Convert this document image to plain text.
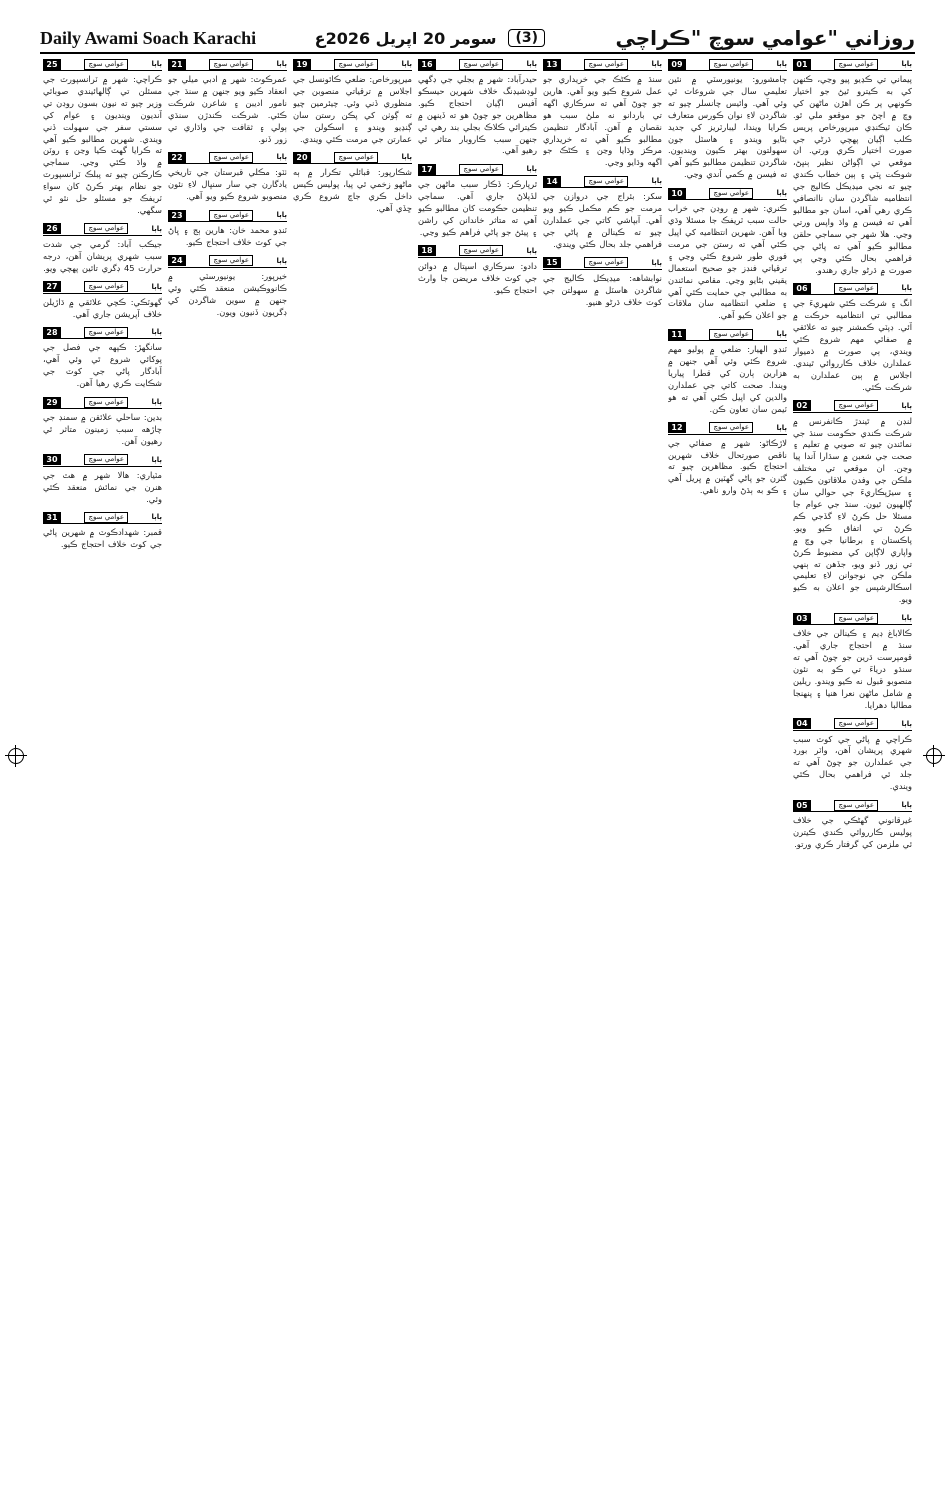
Daily Awami Soach Karachi	سومر 20 اپريل 2026ع	(3)	روزاني "عوامي سوچ "ڪراچي
ٻاٻا
عوامي سوچ
01
پيماني تي ڪڍيو پيو وڃي، ڪنهن کي به ڪيترو ٿيڻ جو اختيار ڪونهي پر ڪن اهڙن ماڻهن کي وچ ۾ اچڻ جو موقعو ملي ٿو. ڪان ٽيڪنڊي ميرپورخاص پريس ڪلب اڳيان پهچي ڌرڻي جي صورت اختيار ڪري ورتي. ان موقعي تي اڳواڻن نظير ٻنڀڻ، شوڪت ڀٽي ۽ ٻين خطاب ڪندي چيو ته نجي ميڊيڪل ڪاليج جي انتظاميه شاگردن سان ناانصافي ڪري رهي آهي، اسان جو مطالبو آهي ته فيسن ۾ واڌ واپس ورتي وڃي. هلا شهر جي سماجي حلقن مطالبو ڪيو آهي ته پاڻي جي فراهمي بحال ڪئي وڃي ٻي صورت ۾ ڌرڻو جاري رهندو.
ٻاٻا
عوامي سوچ
06
انگ ۽ شرڪت ڪئي شهريءَ جي مطالبي تي انتظاميه حرڪت ۾ آئي. ڊپٽي ڪمشنر چيو ته علائقي ۾ صفائي مهم شروع ڪئي ويندي، ٻي صورت ۾ ذميوار عملدارن خلاف ڪارروائي ٿيندي. اجلاس ۾ ٻين عملدارن به شرڪت ڪئي.
ٻاٻا
عوامي سوچ
02
لنڊن ۾ ٿيندڙ ڪانفرنس ۾ شرڪت ڪندي حڪومت سنڌ جي نمائندن چيو ته صوبي ۾ تعليم ۽ صحت جي شعبن ۾ سڌارا آندا پيا وڃن. ان موقعي تي مختلف ملڪن جي وفدن ملاقاتون ڪيون ۽ سيڙپڪاريءَ جي حوالي سان ڳالهيون ٿيون. سنڌ جي عوام جا مسئلا حل ڪرڻ لاءِ گڏجي ڪم ڪرڻ تي اتفاق ڪيو ويو. پاڪستان ۽ برطانيا جي وچ ۾ واپاري لاڳاپن کي مضبوط ڪرڻ تي زور ڏنو ويو، جڏهن ته ٻنهي ملڪن جي نوجوانن لاءِ تعليمي اسڪالرشپس جو اعلان به ڪيو ويو.
ٻاٻا
عوامي سوچ
03
ڪالاباغ ڊيم ۽ ڪينالن جي خلاف سنڌ ۾ احتجاج جاري آهي. قومپرست ڌرين جو چوڻ آهي ته سنڌو درياءَ تي ڪو به نئون منصوبو قبول نه ڪيو ويندو. ريلين ۾ شامل ماڻهن نعرا هنيا ۽ پنهنجا مطالبا دهرايا.
ٻاٻا
عوامي سوچ
04
ڪراچي ۾ پاڻي جي کوٽ سبب شهري پريشان آهن، واٽر بورڊ جي عملدارن جو چوڻ آهي ته جلد ئي فراهمي بحال ڪئي ويندي.
ٻاٻا
عوامي سوچ
05
غيرقانوني گهڻڪي جي خلاف پوليس ڪارروائي ڪندي ڪيترن ئي ملزمن کي گرفتار ڪري ورتو.
ٻاٻا
عوامي سوچ
09
ڄامشورو: يونيورسٽي ۾ نئين تعليمي سال جي شروعات ٿي وئي آهي. وائيس چانسلر چيو ته شاگردن لاءِ نوان ڪورس متعارف ڪرايا ويندا، ليبارٽريز کي جديد بڻايو ويندو ۽ هاسٽل جون سهولتون بهتر ڪيون وينديون. شاگردن تنظيمن مطالبو ڪيو آهي ته فيسن ۾ ڪمي آندي وڃي.
ٻاٻا
عوامي سوچ
10
ڪنري: شهر ۾ روڊن جي خراب حالت سبب ٽريفڪ جا مسئلا وڌي ويا آهن. شهرين انتظاميه کي اپيل ڪئي آهي ته رستن جي مرمت فوري طور شروع ڪئي وڃي ۽ ترقياتي فنڊز جو صحيح استعمال يقيني بڻايو وڃي. مقامي نمائندن به مطالبي جي حمايت ڪئي آهي ۽ ضلعي انتظاميه سان ملاقات جو اعلان ڪيو آهي.
ٻاٻا
عوامي سوچ
11
ٽنڊو الهيار: ضلعي ۾ پوليو مهم شروع ڪئي وئي آهي جنهن ۾ هزارين ٻارن کي قطرا پياريا ويندا. صحت کاتي جي عملدارن والدين کي اپيل ڪئي آهي ته هو ٽيمن سان تعاون ڪن.
ٻاٻا
عوامي سوچ
12
لاڙڪاڻو: شهر ۾ صفائي جي ناقص صورتحال خلاف شهرين احتجاج ڪيو. مظاهرين چيو ته گٽرن جو پاڻي گهٽين ۾ ڀريل آهي ۽ ڪو به ٻڌڻ وارو ناهي.
ٻاٻا
عوامي سوچ
13
سنڌ ۾ ڪڻڪ جي خريداري جو عمل شروع ڪيو ويو آهي. هارين جو چوڻ آهي ته سرڪاري اگهه تي باردانو نه ملڻ سبب هو نقصان ۾ آهن. آبادگار تنظيمن مطالبو ڪيو آهي ته خريداري مرڪز وڌايا وڃن ۽ ڪڻڪ جو اگهه وڌايو وڃي.
ٻاٻا
عوامي سوچ
14
سکر: بئراج جي دروازن جي مرمت جو ڪم مڪمل ڪيو ويو آهي. آبپاشي کاتي جي عملدارن چيو ته ڪينالن ۾ پاڻي جي فراهمي جلد بحال ڪئي ويندي.
ٻاٻا
عوامي سوچ
15
نوابشاهه: ميڊيڪل ڪاليج جي شاگردن هاسٽل ۾ سهولتن جي کوٽ خلاف ڌرڻو هنيو.
ٻاٻا
عوامي سوچ
16
حيدرآباد: شهر ۾ بجلي جي ڊگهي لوڊشيڊنگ خلاف شهرين حيسڪو آفيس اڳيان احتجاج ڪيو. مظاهرين جو چوڻ هو ته ڏينهن ۾ ڪيترائي ڪلاڪ بجلي بند رهي ٿي جنهن سبب ڪاروبار متاثر ٿي رهيو آهي.
ٻاٻا
عوامي سوچ
17
ٿرپارڪر: ڏڪار سبب ماڻهن جي لڏپلاڻ جاري آهي. سماجي تنظيمن حڪومت کان مطالبو ڪيو آهي ته متاثر خاندانن کي راشن ۽ پيئڻ جو پاڻي فراهم ڪيو وڃي.
ٻاٻا
عوامي سوچ
18
دادو: سرڪاري اسپتال ۾ دوائن جي کوٽ خلاف مريضن جا وارث احتجاج ڪيو.
ٻاٻا
عوامي سوچ
19
ميرپورخاص: ضلعي ڪائونسل جي اجلاس ۾ ترقياتي منصوبن جي منظوري ڏني وئي. چيئرمين چيو ته ڳوٺن کي پڪن رستن سان ڳنڍيو ويندو ۽ اسڪولن جي عمارتن جي مرمت ڪئي ويندي.
ٻاٻا
عوامي سوچ
20
شڪارپور: قبائلي تڪرار ۾ ٻه ماڻهو زخمي ٿي پيا، پوليس ڪيس داخل ڪري جاچ شروع ڪري ڇڏي آهي.
ٻاٻا
عوامي سوچ
21
عمرڪوٽ: شهر ۾ ادبي ميلي جو انعقاد ڪيو ويو جنهن ۾ سنڌ جي نامور اديبن ۽ شاعرن شرڪت ڪئي. شرڪت ڪندڙن سنڌي ٻولي ۽ ثقافت جي واڌاري تي زور ڏنو.
ٻاٻا
عوامي سوچ
22
ٺٽو: مڪلي قبرستان جي تاريخي يادگارن جي سار سنڀال لاءِ نئون منصوبو شروع ڪيو ويو آهي.
ٻاٻا
عوامي سوچ
23
ٽنڊو محمد خان: هارين ٻج ۽ ڀاڻ جي کوٽ خلاف احتجاج ڪيو.
ٻاٻا
عوامي سوچ
24
خيرپور: يونيورسٽي ۾ ڪانووڪيشن منعقد ڪئي وئي جنهن ۾ سوين شاگردن کي ڊگريون ڏنيون ويون.
ٻاٻا
عوامي سوچ
25
ڪراچي: شهر ۾ ٽرانسپورٽ جي مسئلن تي ڳالهائيندي صوبائي وزير چيو ته نيون بسون روڊن تي آنديون وينديون ۽ عوام کي سستي سفر جي سهولت ڏني ويندي. شهرين مطالبو ڪيو آهي ته ڪرايا گهٽ ڪيا وڃن ۽ روٽن ۾ واڌ ڪئي وڃي. سماجي ڪارڪنن چيو ته پبلڪ ٽرانسپورٽ جو نظام بهتر ڪرڻ کان سواءِ ٽريفڪ جو مسئلو حل نٿو ٿي سگهي.
ٻاٻا
عوامي سوچ
26
جيڪب آباد: گرمي جي شدت سبب شهري پريشان آهن، درجه حرارت 45 ڊگري تائين پهچي ويو.
ٻاٻا
عوامي سوچ
27
گهوٽڪي: ڪچي علائقي ۾ ڌاڙيلن خلاف آپريشن جاري آهي.
ٻاٻا
عوامي سوچ
28
سانگهڙ: ڪپهه جي فصل جي پوکائي شروع ٿي وئي آهي، آبادگار پاڻي جي کوٽ جي شڪايت ڪري رهيا آهن.
ٻاٻا
عوامي سوچ
29
بدين: ساحلي علائقن ۾ سمنڊ جي چاڙهه سبب زمينون متاثر ٿي رهيون آهن.
ٻاٻا
عوامي سوچ
30
مٽياري: هالا شهر ۾ هٿ جي هنرن جي نمائش منعقد ڪئي وئي.
ٻاٻا
عوامي سوچ
31
قمبر: شهدادڪوٽ ۾ شهرين پاڻي جي کوٽ خلاف احتجاج ڪيو.
